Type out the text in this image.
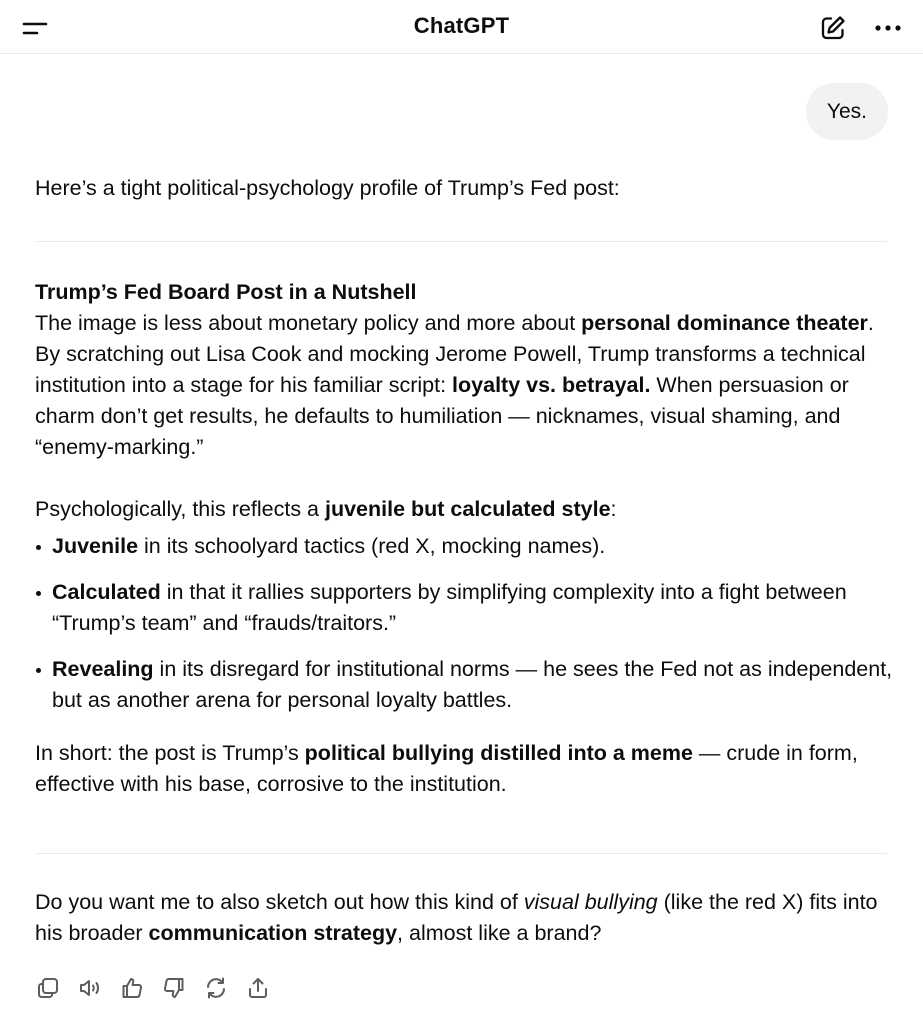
ChatGPT
Yes.
Here’s a tight political-psychology profile of Trump’s Fed post:
Trump’s Fed Board Post in a Nutshell

The image is less about monetary policy and more about personal dominance theater. By scratching out Lisa Cook and mocking Jerome Powell, Trump transforms a technical institution into a stage for his familiar script: loyalty vs. betrayal. When persuasion or charm don’t get results, he defaults to humiliation — nicknames, visual shaming, and “enemy-marking.”

Psychologically, this reflects a juvenile but calculated style:

Juvenile in its schoolyard tactics (red X, mocking names).
Calculated in that it rallies supporters by simplifying complexity into a fight between “Trump’s team” and “frauds/traitors.”
Revealing in its disregard for institutional norms — he sees the Fed not as independent, but as another arena for personal loyalty battles.

In short: the post is Trump’s political bullying distilled into a meme — crude in form, effective with his base, corrosive to the institution.

Do you want me to also sketch out how this kind of visual bullying (like the red X) fits into his broader communication strategy, almost like a brand?
